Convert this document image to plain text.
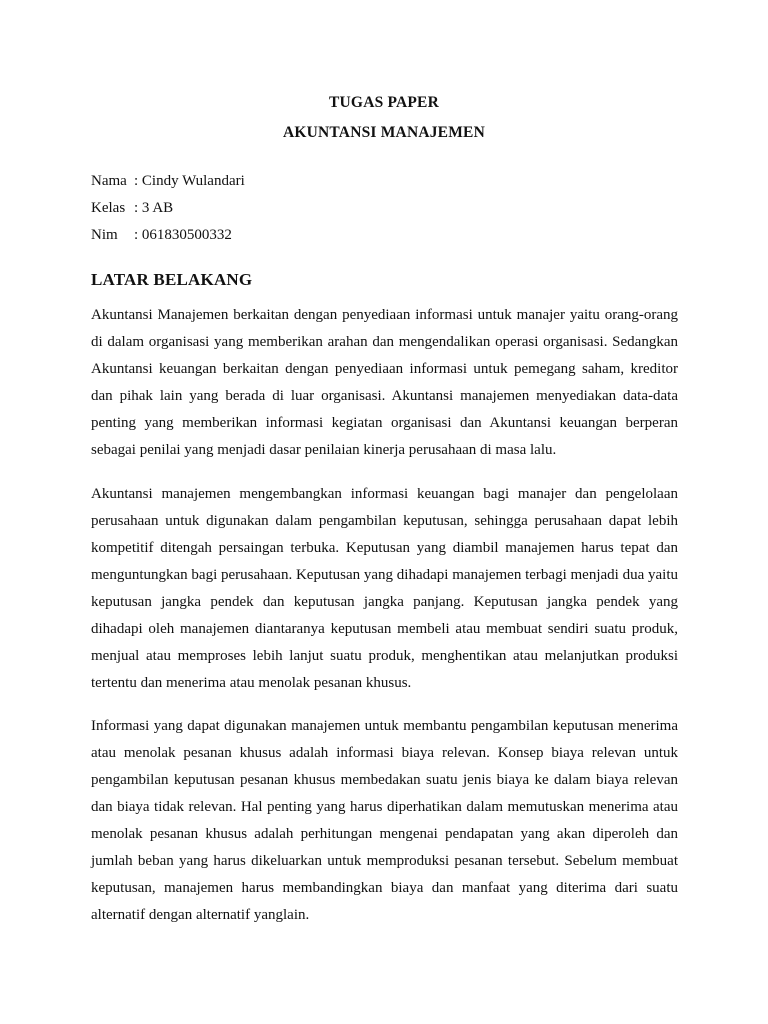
TUGAS PAPER
AKUNTANSI MANAJEMEN
Nama : Cindy Wulandari
Kelas : 3 AB
Nim : 061830500332
LATAR BELAKANG

Akuntansi Manajemen berkaitan dengan penyediaan informasi untuk manajer yaitu orang-orang di dalam organisasi yang memberikan arahan dan mengendalikan operasi organisasi. Sedangkan Akuntansi keuangan berkaitan dengan penyediaan informasi untuk pemegang saham, kreditor dan pihak lain yang berada di luar organisasi. Akuntansi manajemen menyediakan data-data penting yang memberikan informasi kegiatan organisasi dan Akuntansi keuangan berperan sebagai penilai yang menjadi dasar penilaian kinerja perusahaan di masa lalu.

Akuntansi manajemen mengembangkan informasi keuangan bagi manajer dan pengelolaan perusahaan untuk digunakan dalam pengambilan keputusan, sehingga perusahaan dapat lebih kompetitif ditengah persaingan terbuka. Keputusan yang diambil manajemen harus tepat dan menguntungkan bagi perusahaan. Keputusan yang dihadapi manajemen terbagi menjadi dua yaitu keputusan jangka pendek dan keputusan jangka panjang. Keputusan jangka pendek yang dihadapi oleh manajemen diantaranya keputusan membeli atau membuat sendiri suatu produk, menjual atau memproses lebih lanjut suatu produk, menghentikan atau melanjutkan produksi tertentu dan menerima atau menolak pesanan khusus.

Informasi yang dapat digunakan manajemen untuk membantu pengambilan keputusan menerima atau menolak pesanan khusus adalah informasi biaya relevan. Konsep biaya relevan untuk pengambilan keputusan pesanan khusus membedakan suatu jenis biaya ke dalam biaya relevan dan biaya tidak relevan. Hal penting yang harus diperhatikan dalam memutuskan menerima atau menolak pesanan khusus adalah perhitungan mengenai pendapatan yang akan diperoleh dan jumlah beban yang harus dikeluarkan untuk memproduksi pesanan tersebut. Sebelum membuat keputusan, manajemen harus membandingkan biaya dan manfaat yang diterima dari suatu alternatif dengan alternatif yanglain.
